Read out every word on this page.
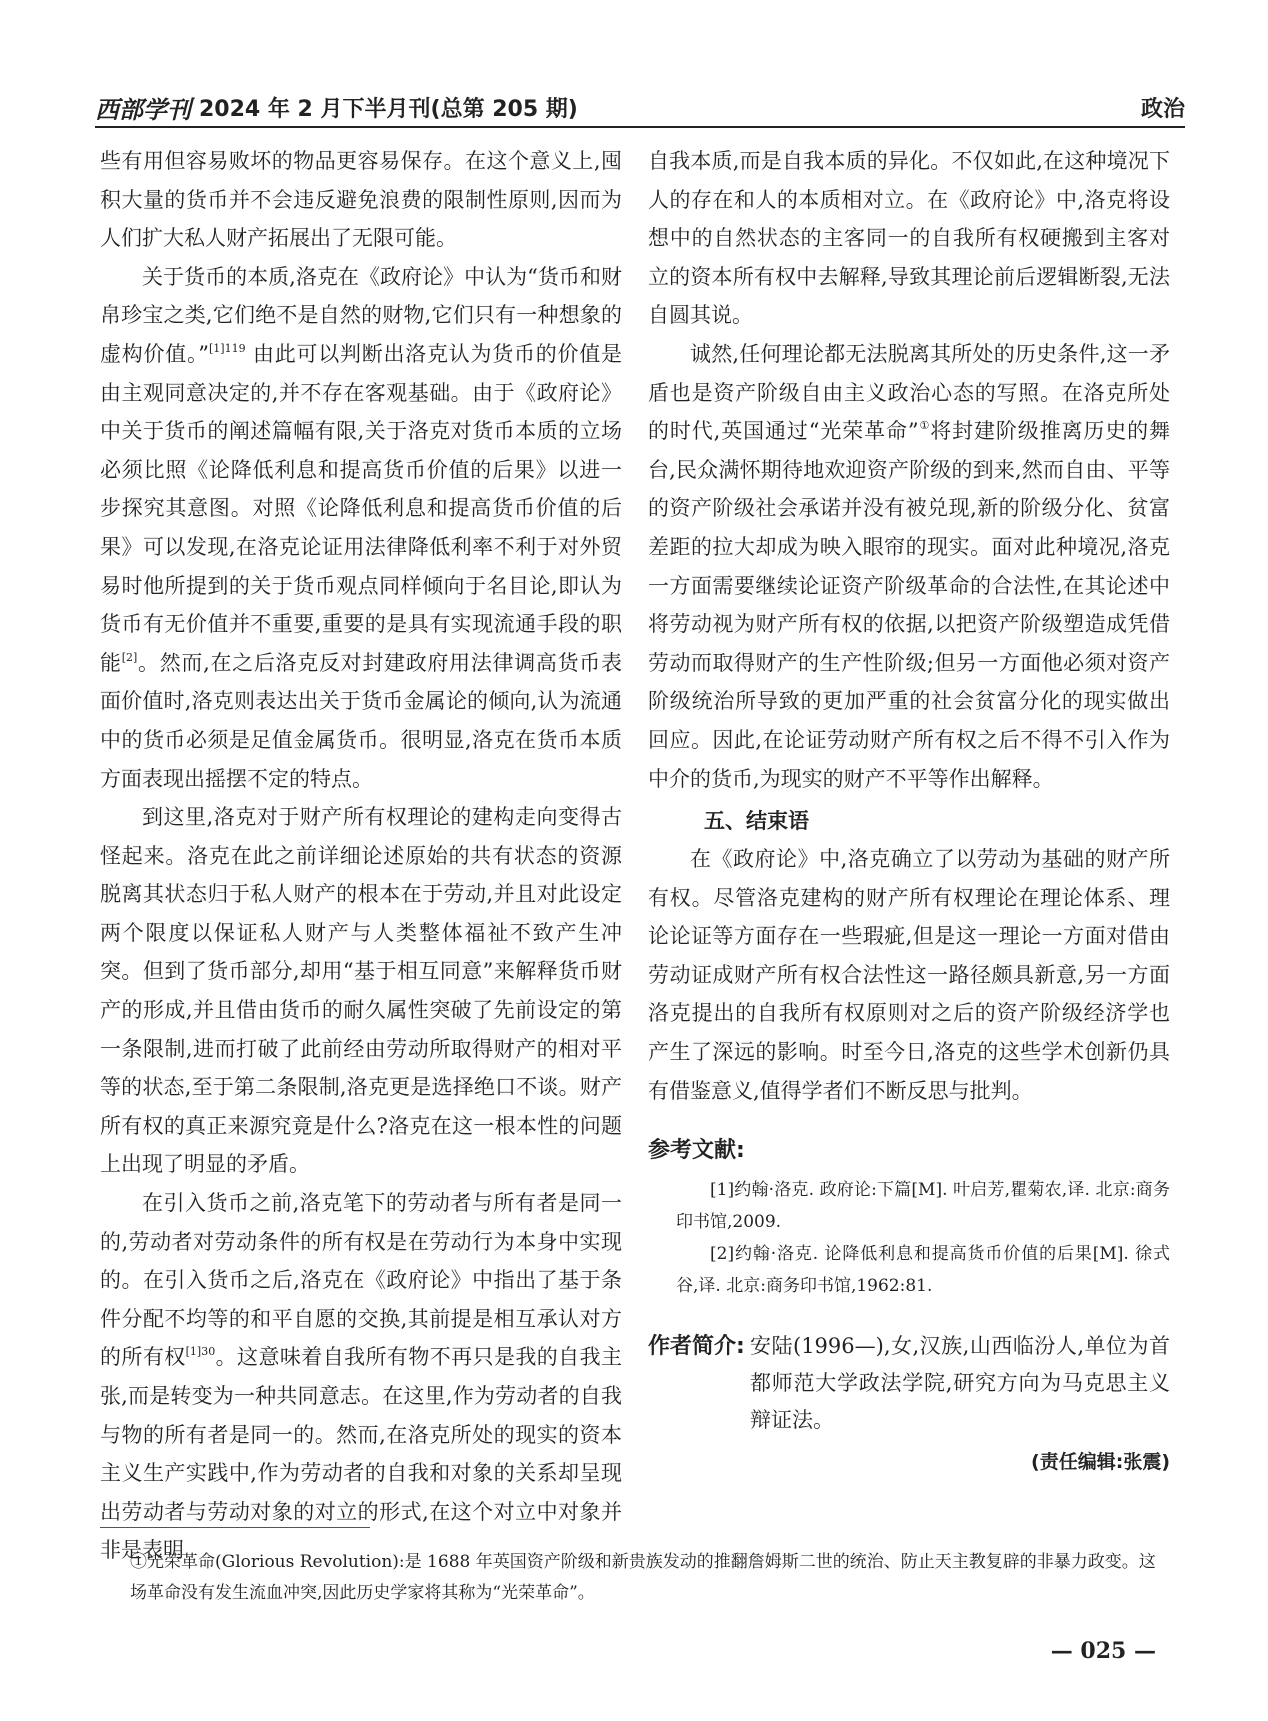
西部学刊 2024 年 2 月下半月刊(总第 205 期)	政治

些有用但容易败坏的物品更容易保存。在这个意义上,囤积大量的货币并不会违反避免浪费的限制性原则,因而为人们扩大私人财产拓展出了无限可能。

关于货币的本质,洛克在《政府论》中认为“货币和财帛珍宝之类,它们绝不是自然的财物,它们只有一种想象的虚构价值。”$^{[1]119}$ 由此可以判断出洛克认为货币的价值是由主观同意决定的,并不存在客观基础。由于《政府论》中关于货币的阐述篇幅有限,关于洛克对货币本质的立场必须比照《论降低利息和提高货币价值的后果》以进一步探究其意图。对照《论降低利息和提高货币价值的后果》可以发现,在洛克论证用法律降低利率不利于对外贸易时他所提到的关于货币观点同样倾向于名目论,即认为货币有无价值并不重要,重要的是具有实现流通手段的职能[2]。然而,在之后洛克反对封建政府用法律调高货币表面价值时,洛克则表达出关于货币金属论的倾向,认为流通中的货币必须是足值金属货币。很明显,洛克在货币本质方面表现出摇摆不定的特点。

到这里,洛克对于财产所有权理论的建构走向变得古怪起来。洛克在此之前详细论述原始的共有状态的资源脱离其状态归于私人财产的根本在于劳动,并且对此设定两个限度以保证私人财产与人类整体福祉不致产生冲突。但到了货币部分,却用“基于相互同意”来解释货币财产的形成,并且借由货币的耐久属性突破了先前设定的第一条限制,进而打破了此前经由劳动所取得财产的相对平等的状态,至于第二条限制,洛克更是选择绝口不谈。财产所有权的真正来源究竟是什么?洛克在这一根本性的问题上出现了明显的矛盾。

在引入货币之前,洛克笔下的劳动者与所有者是同一的,劳动者对劳动条件的所有权是在劳动行为本身中实现的。在引入货币之后,洛克在《政府论》中指出了基于条件分配不均等的和平自愿的交换,其前提是相互承认对方的所有权$^{[1]30}$。这意味着自我所有物不再只是我的自我主张,而是转变为一种共同意志。在这里,作为劳动者的自我与物的所有者是同一的。然而,在洛克所处的现实的资本主义生产实践中,作为劳动者的自我和对象的关系却呈现出劳动者与劳动对象的对立的形式,在这个对立中对象并非是表明

自我本质,而是自我本质的异化。不仅如此,在这种境况下人的存在和人的本质相对立。在《政府论》中,洛克将设想中的自然状态的主客同一的自我所有权硬搬到主客对立的资本所有权中去解释,导致其理论前后逻辑断裂,无法自圆其说。

诚然,任何理论都无法脱离其所处的历史条件,这一矛盾也是资产阶级自由主义政治心态的写照。在洛克所处的时代,英国通过“光荣革命”①将封建阶级推离历史的舞台,民众满怀期待地欢迎资产阶级的到来,然而自由、平等的资产阶级社会承诺并没有被兑现,新的阶级分化、贫富差距的拉大却成为映入眼帘的现实。面对此种境况,洛克一方面需要继续论证资产阶级革命的合法性,在其论述中将劳动视为财产所有权的依据,以把资产阶级塑造成凭借劳动而取得财产的生产性阶级;但另一方面他必须对资产阶级统治所导致的更加严重的社会贫富分化的现实做出回应。因此,在论证劳动财产所有权之后不得不引入作为中介的货币,为现实的财产不平等作出解释。

五、结束语

在《政府论》中,洛克确立了以劳动为基础的财产所有权。尽管洛克建构的财产所有权理论在理论体系、理论论证等方面存在一些瑕疵,但是这一理论一方面对借由劳动证成财产所有权合法性这一路径颇具新意,另一方面洛克提出的自我所有权原则对之后的资产阶级经济学也产生了深远的影响。时至今日,洛克的这些学术创新仍具有借鉴意义,值得学者们不断反思与批判。

参考文献:

[1]约翰·洛克. 政府论:下篇[M]. 叶启芳,瞿菊农,译. 北京:商务印书馆,2009.

[2]约翰·洛克. 论降低利息和提高货币价值的后果[M]. 徐式谷,译. 北京:商务印书馆,1962:81.

作者简介: 安陆(1996—),女,汉族,山西临汾人,单位为首都师范大学政法学院,研究方向为马克思主义辩证法。
(责任编辑:张震)
①光荣革命(Glorious Revolution):是 1688 年英国资产阶级和新贵族发动的推翻詹姆斯二世的统治、防止天主教复辟的非暴力政变。这场革命没有发生流血冲突,因此历史学家将其称为“光荣革命”。
— 025 —
